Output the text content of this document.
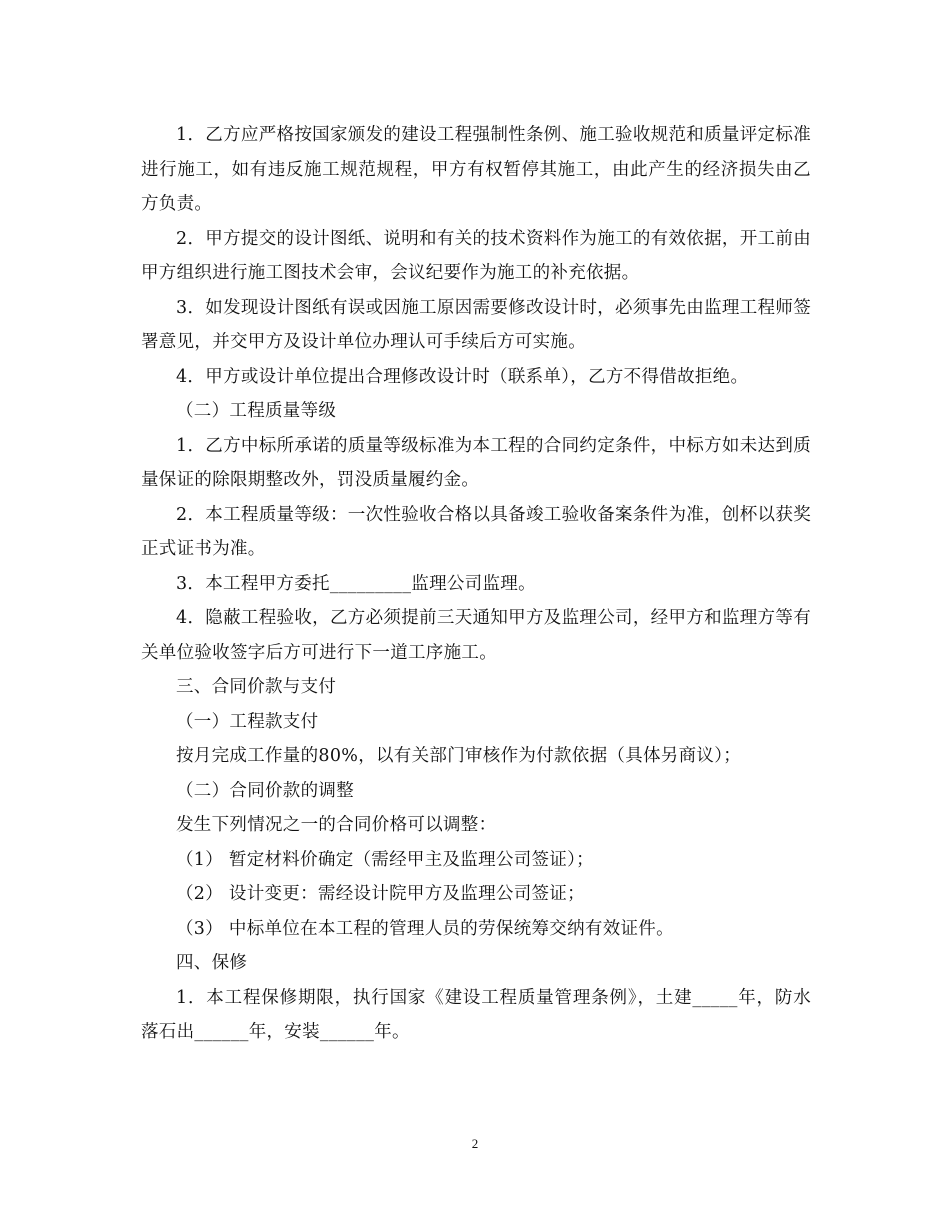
1．乙方应严格按国家颁发的建设工程强制性条例、施工验收规范和质量评定标准进行施工，如有违反施工规范规程，甲方有权暂停其施工，由此产生的经济损失由乙方负责。

2．甲方提交的设计图纸、说明和有关的技术资料作为施工的有效依据，开工前由甲方组织进行施工图技术会审，会议纪要作为施工的补充依据。

3．如发现设计图纸有误或因施工原因需要修改设计时，必须事先由监理工程师签署意见，并交甲方及设计单位办理认可手续后方可实施。

4．甲方或设计单位提出合理修改设计时（联系单），乙方不得借故拒绝。

（二）工程质量等级

1．乙方中标所承诺的质量等级标准为本工程的合同约定条件，中标方如未达到质量保证的除限期整改外，罚没质量履约金。

2．本工程质量等级：一次性验收合格以具备竣工验收备案条件为准，创杯以获奖正式证书为准。

3．本工程甲方委托_________监理公司监理。

4．隐蔽工程验收，乙方必须提前三天通知甲方及监理公司，经甲方和监理方等有关单位验收签字后方可进行下一道工序施工。

三、合同价款与支付

（一）工程款支付

按月完成工作量的80%，以有关部门审核作为付款依据（具体另商议）；

（二）合同价款的调整

发生下列情况之一的合同价格可以调整：

（1） 暂定材料价确定（需经甲主及监理公司签证）；

（2） 设计变更：需经设计院甲方及监理公司签证；

（3） 中标单位在本工程的管理人员的劳保统筹交纳有效证件。

四、保修

1．本工程保修期限，执行国家《建设工程质量管理条例》，土建_____年，防水落石出______年，安装______年。

2
